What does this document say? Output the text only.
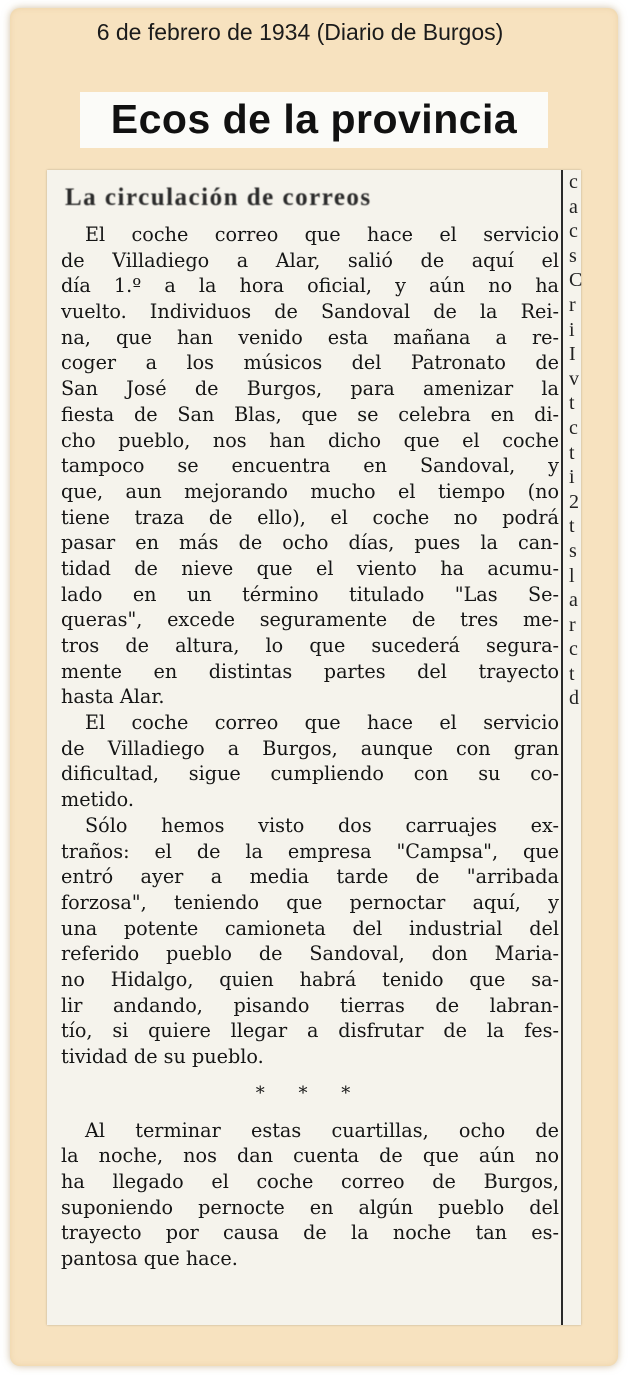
6 de febrero de 1934 (Diario de Burgos)
Ecos de la provincia
La circulación de correos
El coche correo que hace el servicio
de Villadiego a Alar, salió de aquí el
día 1.º a la hora oficial, y aún no ha
vuelto. Individuos de Sandoval de la Rei-
na, que han venido esta mañana a re-
coger a los músicos del Patronato de
San José de Burgos, para amenizar la
fiesta de San Blas, que se celebra en di-
cho pueblo, nos han dicho que el coche
tampoco se encuentra en Sandoval, y
que, aun mejorando mucho el tiempo (no
tiene traza de ello), el coche no podrá
pasar en más de ocho días, pues la can-
tidad de nieve que el viento ha acumu-
lado en un término titulado "Las Se-
queras", excede seguramente de tres me-
tros de altura, lo que sucederá segura-
mente en distintas partes del trayecto
hasta Alar.
El coche correo que hace el servicio
de Villadiego a Burgos, aunque con gran
dificultad, sigue cumpliendo con su co-
metido.
Sólo hemos visto dos carruajes ex-
traños: el de la empresa "Campsa", que
entró ayer a media tarde de "arribada
forzosa", teniendo que pernoctar aquí, y
una potente camioneta del industrial del
referido pueblo de Sandoval, don Maria-
no Hidalgo, quien habrá tenido que sa-
lir andando, pisando tierras de labran-
tío, si quiere llegar a disfrutar de la fes-
tividad de su pueblo.
* * *
Al terminar estas cuartillas, ocho de
la noche, nos dan cuenta de que aún no
ha llegado el coche correo de Burgos,
suponiendo pernocte en algún pueblo del
trayecto por causa de la noche tan es-
pantosa que hace.
c
a
c
s
C
r
i
I
v
t
c
t
i
2
t
s
l
a
r
c
t
d
